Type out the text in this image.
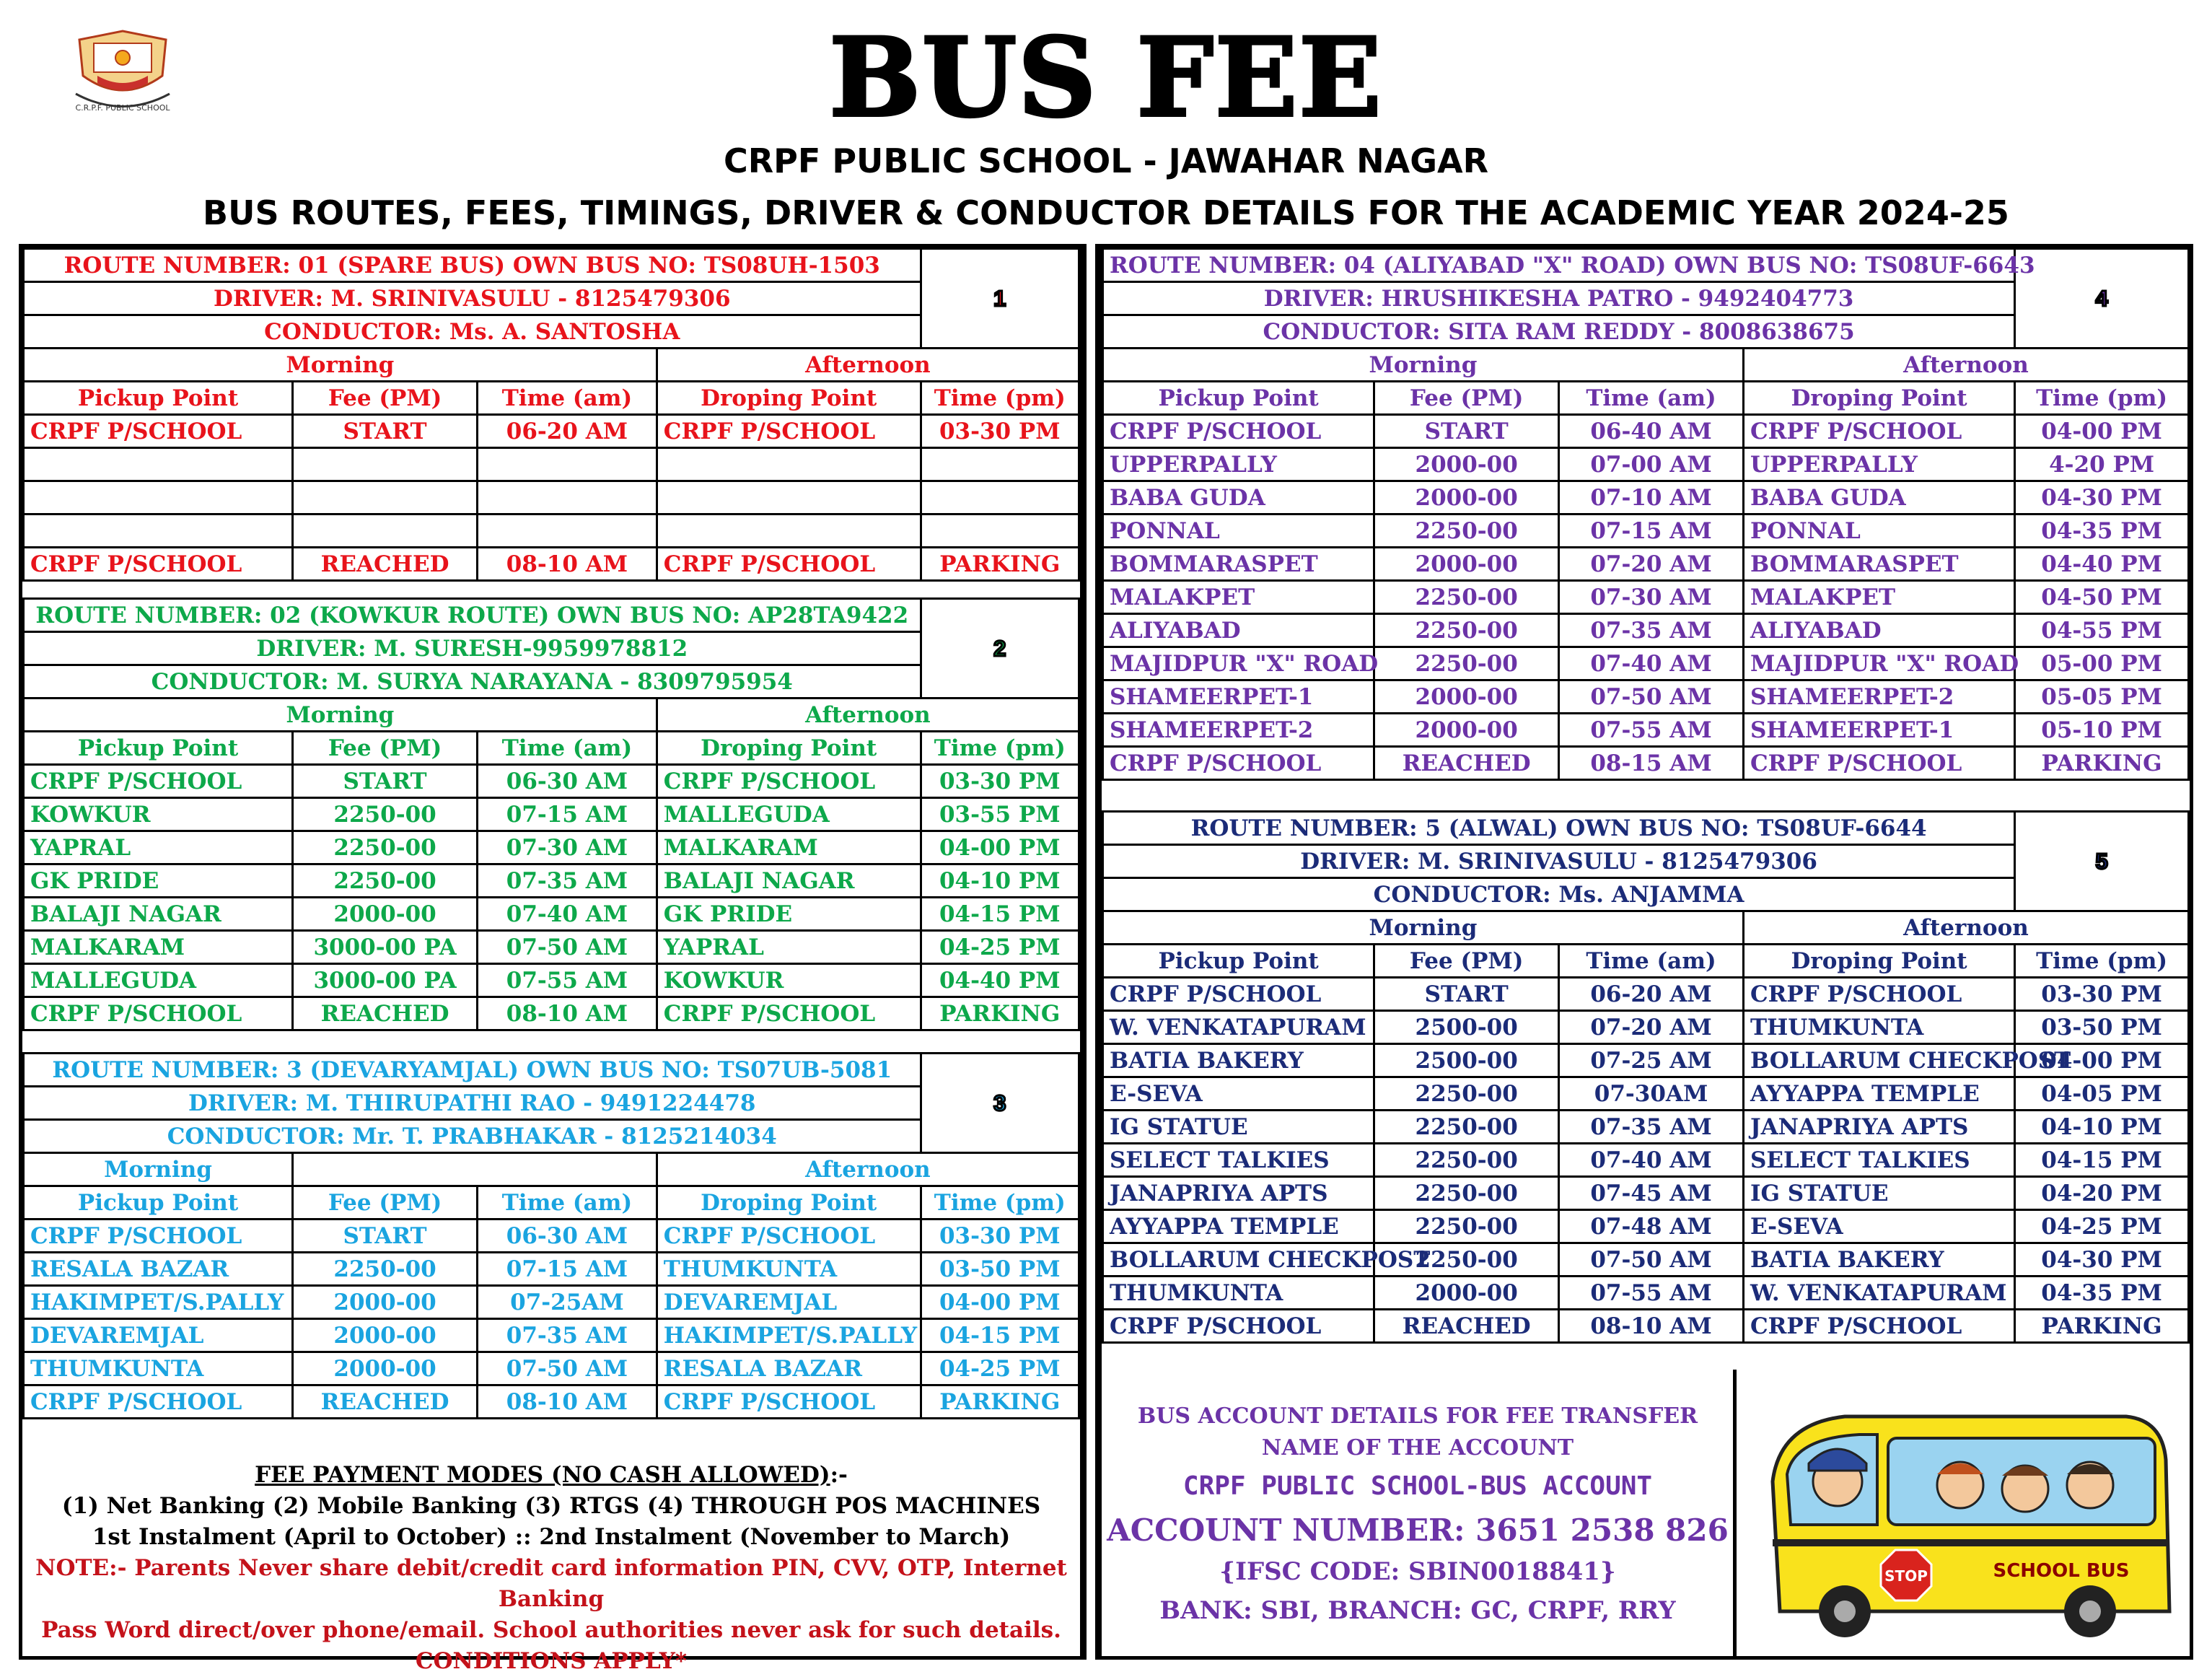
C.R.P.F. PUBLIC SCHOOL	BUS FEE
CRPF PUBLIC SCHOOL - JAWAHAR NAGAR
BUS ROUTES, FEES, TIMINGS, DRIVER & CONDUCTOR DETAILS FOR THE ACADEMIC YEAR 2024-25
ROUTE NUMBER: 01 (SPARE BUS) OWN BUS NO: TS08UH-1503				1
DRIVER: M. SRINIVASULU - 8125479306				
CONDUCTOR: Ms. A. SANTOSHA				
Morning			Afternoon	
Pickup Point	Fee (PM)	Time (am)	Droping Point	Time (pm)
CRPF P/SCHOOL	START	06-20 AM	CRPF P/SCHOOL	03-30 PM

CRPF P/SCHOOL	REACHED	08-10 AM	CRPF P/SCHOOL	PARKING
ROUTE NUMBER: 02 (KOWKUR ROUTE) OWN BUS NO: AP28TA9422				2
DRIVER: M. SURESH-9959978812				
CONDUCTOR: M. SURYA NARAYANA - 8309795954				
Morning			Afternoon	
Pickup Point	Fee (PM)	Time (am)	Droping Point	Time (pm)
CRPF P/SCHOOL	START	06-30 AM	CRPF P/SCHOOL	03-30 PM
KOWKUR	2250-00	07-15 AM	MALLEGUDA	03-55 PM
YAPRAL	2250-00	07-30 AM	MALKARAM	04-00 PM
GK PRIDE	2250-00	07-35 AM	BALAJI NAGAR	04-10 PM
BALAJI NAGAR	2000-00	07-40 AM	GK PRIDE	04-15 PM
MALKARAM	3000-00 PA	07-50 AM	YAPRAL	04-25 PM
MALLEGUDA	3000-00 PA	07-55 AM	KOWKUR	04-40 PM
CRPF P/SCHOOL	REACHED	08-10 AM	CRPF P/SCHOOL	PARKING
ROUTE NUMBER: 3 (DEVARYAMJAL) OWN BUS NO: TS07UB-5081				3
DRIVER: M. THIRUPATHI RAO - 9491224478				
CONDUCTOR: Mr. T. PRABHAKAR - 8125214034				
Morning			Afternoon	
Pickup Point	Fee (PM)	Time (am)	Droping Point	Time (pm)
CRPF P/SCHOOL	START	06-30 AM	CRPF P/SCHOOL	03-30 PM
RESALA BAZAR	2250-00	07-15 AM	THUMKUNTA	03-50 PM
HAKIMPET/S.PALLY	2000-00	07-25AM	DEVAREMJAL	04-00 PM
DEVAREMJAL	2000-00	07-35 AM	HAKIMPET/S.PALLY	04-15 PM
THUMKUNTA	2000-00	07-50 AM	RESALA BAZAR	04-25 PM
CRPF P/SCHOOL	REACHED	08-10 AM	CRPF P/SCHOOL	PARKING
FEE PAYMENT MODES (NO CASH ALLOWED):-
(1) Net Banking (2) Mobile Banking (3) RTGS (4) THROUGH POS MACHINES
1st Instalment (April to October) :: 2nd Instalment (November to March)
NOTE:- Parents Never share debit/credit card information PIN, CVV, OTP, Internet Banking
Pass Word direct/over phone/email. School authorities never ask for such details.
CONDITIONS APPLY*
ROUTE NUMBER: 04 (ALIYABAD "X" ROAD) OWN BUS NO: TS08UF-6643				4
DRIVER: HRUSHIKESHA PATRO - 9492404773				
CONDUCTOR: SITA RAM REDDY - 8008638675				
Morning			Afternoon	
Pickup Point	Fee (PM)	Time (am)	Droping Point	Time (pm)
CRPF P/SCHOOL	START	06-40 AM	CRPF P/SCHOOL	04-00 PM
UPPERPALLY	2000-00	07-00 AM	UPPERPALLY	4-20 PM
BABA GUDA	2000-00	07-10 AM	BABA GUDA	04-30 PM
PONNAL	2250-00	07-15 AM	PONNAL	04-35 PM
BOMMARASPET	2000-00	07-20 AM	BOMMARASPET	04-40 PM
MALAKPET	2250-00	07-30 AM	MALAKPET	04-50 PM
ALIYABAD	2250-00	07-35 AM	ALIYABAD	04-55 PM
MAJIDPUR "X" ROAD	2250-00	07-40 AM	MAJIDPUR "X" ROAD	05-00 PM
SHAMEERPET-1	2000-00	07-50 AM	SHAMEERPET-2	05-05 PM
SHAMEERPET-2	2000-00	07-55 AM	SHAMEERPET-1	05-10 PM
CRPF P/SCHOOL	REACHED	08-15 AM	CRPF P/SCHOOL	PARKING
ROUTE NUMBER: 5 (ALWAL) OWN BUS NO: TS08UF-6644				5
DRIVER: M. SRINIVASULU - 8125479306				
CONDUCTOR: Ms. ANJAMMA				
Morning			Afternoon	
Pickup Point	Fee (PM)	Time (am)	Droping Point	Time (pm)
CRPF P/SCHOOL	START	06-20 AM	CRPF P/SCHOOL	03-30 PM
W. VENKATAPURAM	2500-00	07-20 AM	THUMKUNTA	03-50 PM
BATIA BAKERY	2500-00	07-25 AM	BOLLARUM CHECKPOST	04-00 PM
E-SEVA	2250-00	07-30AM	AYYAPPA TEMPLE	04-05 PM
IG STATUE	2250-00	07-35 AM	JANAPRIYA APTS	04-10 PM
SELECT TALKIES	2250-00	07-40 AM	SELECT TALKIES	04-15 PM
JANAPRIYA APTS	2250-00	07-45 AM	IG STATUE	04-20 PM
AYYAPPA TEMPLE	2250-00	07-48 AM	E-SEVA	04-25 PM
BOLLARUM CHECKPOST	2250-00	07-50 AM	BATIA BAKERY	04-30 PM
THUMKUNTA	2000-00	07-55 AM	W. VENKATAPURAM	04-35 PM
CRPF P/SCHOOL	REACHED	08-10 AM	CRPF P/SCHOOL	PARKING
BUS ACCOUNT DETAILS FOR FEE TRANSFER
NAME OF THE ACCOUNT
CRPF PUBLIC SCHOOL-BUS ACCOUNT
ACCOUNT NUMBER: 3651 2538 826
{IFSC CODE: SBIN0018841}
BANK: SBI, BRANCH: GC, CRPF, RRY
SCHOOL BUS
STOP
